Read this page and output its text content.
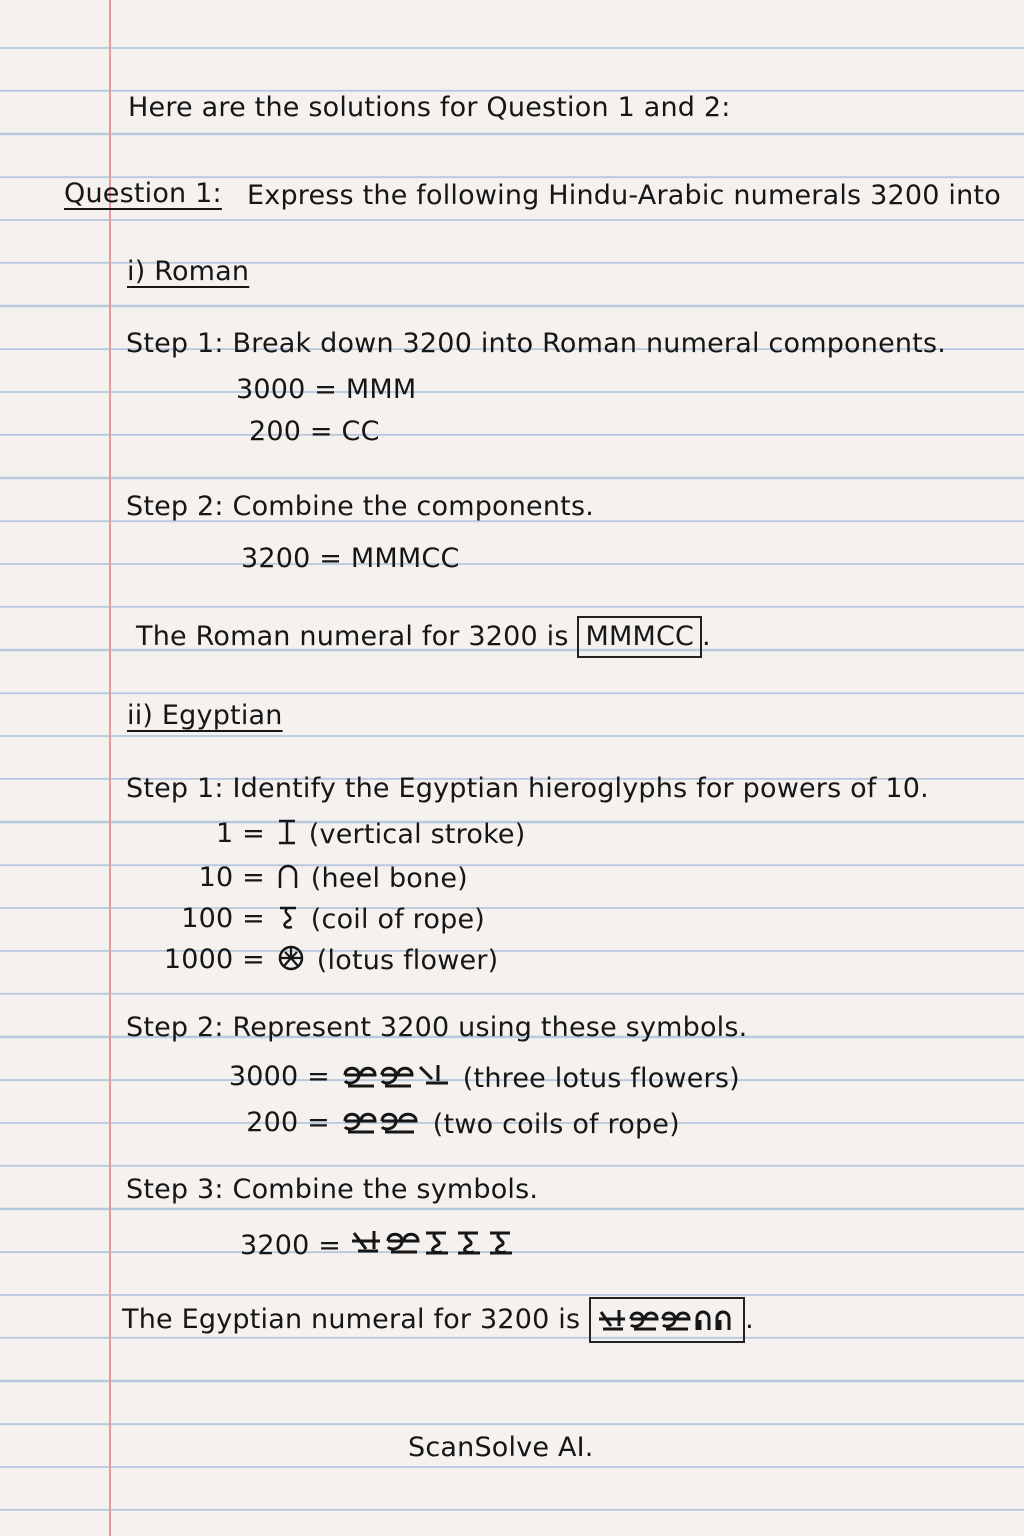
Here are the solutions for Question 1 and 2:
Question 1: Express the following Hindu-Arabic numerals 3200 into
i) Roman
Step 1: Break down 3200 into Roman numeral components.
3000 = MMM
200 = CC
Step 2: Combine the components.
3200 = MMMCC
The Roman numeral for 3200 is MMMCC .
ii) Egyptian
Step 1: Identify the Egyptian hieroglyphs for powers of 10.
1 =	(vertical stroke)
10 =	(heel bone)
100 =	(coil of rope)
1000 =	(lotus flower)
Step 2: Represent 3200 using these symbols.
3000 =	(three lotus flowers)
200 =	(two coils of rope)
Step 3: Combine the symbols.
3200 =
The Egyptian numeral for 3200 is	.
ScanSolve AI.
